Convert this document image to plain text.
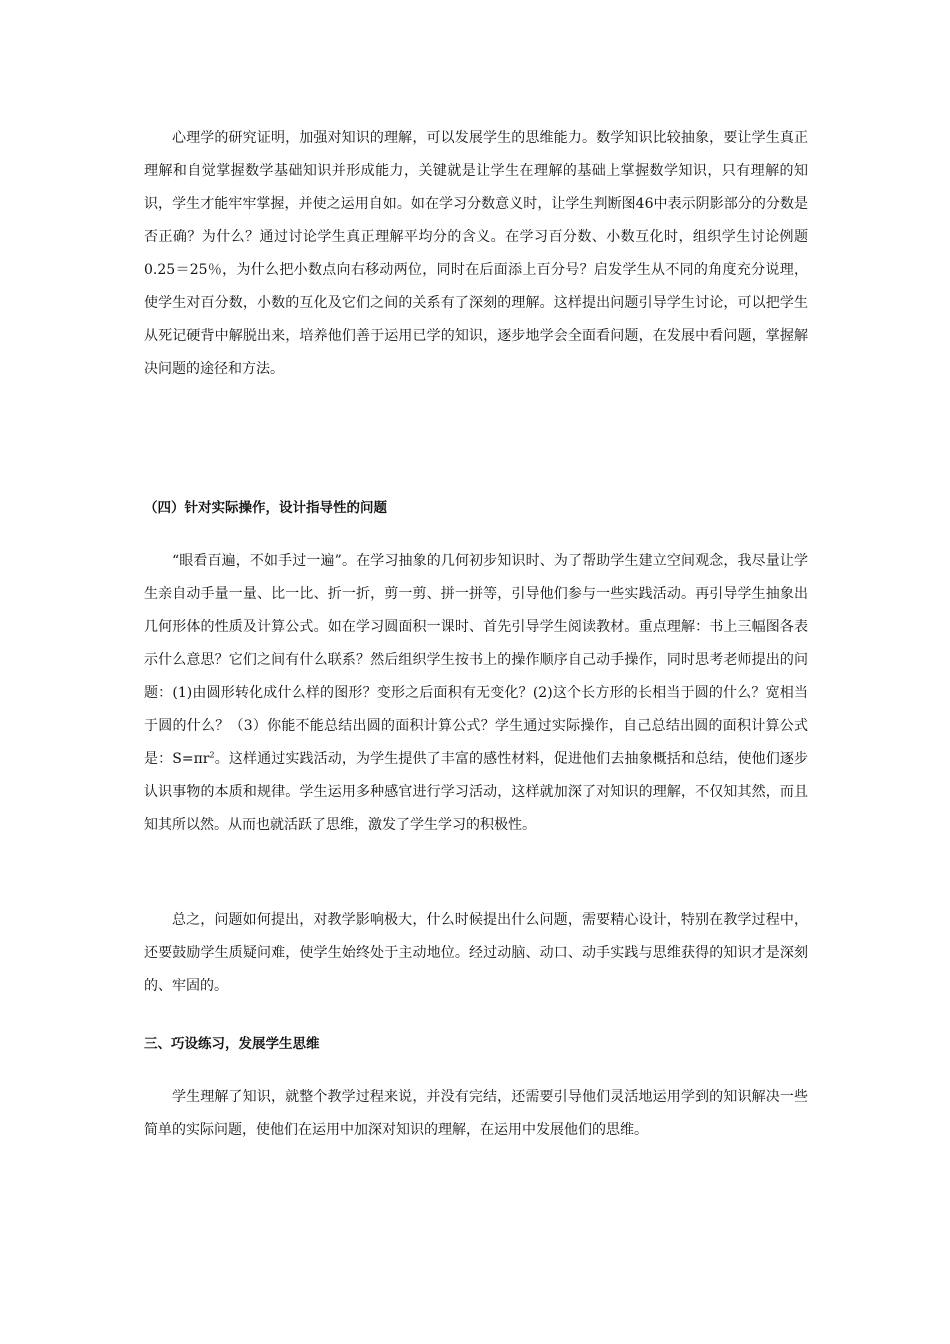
心理学的研究证明，加强对知识的理解，可以发展学生的思维能力。数学知识比较抽象，要让学生真正理解和自觉掌握数学基础知识并形成能力，关键就是让学生在理解的基础上掌握数学知识，只有理解的知识，学生才能牢牢掌握，并使之运用自如。如在学习分数意义时，让学生判断图46中表示阴影部分的分数是否正确？为什么？通过讨论学生真正理解平均分的含义。在学习百分数、小数互化时，组织学生讨论例题0.25＝25％，为什么把小数点向右移动两位，同时在后面添上百分号？启发学生从不同的角度充分说理，使学生对百分数，小数的互化及它们之间的关系有了深刻的理解。这样提出问题引导学生讨论，可以把学生从死记硬背中解脱出来，培养他们善于运用已学的知识，逐步地学会全面看问题，在发展中看问题，掌握解决问题的途径和方法。

（四）针对实际操作，设计指导性的问题

“眼看百遍，不如手过一遍”。在学习抽象的几何初步知识时、为了帮助学生建立空间观念，我尽量让学生亲自动手量一量、比一比、折一折，剪一剪、拼一拼等，引导他们参与一些实践活动。再引导学生抽象出几何形体的性质及计算公式。如在学习圆面积一课时、首先引导学生阅读教材。重点理解：书上三幅图各表示什么意思？它们之间有什么联系？然后组织学生按书上的操作顺序自己动手操作，同时思考老师提出的问题：(1)由圆形转化成什么样的图形？变形之后面积有无变化？(2)这个长方形的长相当于圆的什么？宽相当于圆的什么？（3）你能不能总结出圆的面积计算公式？学生通过实际操作，自己总结出圆的面积计算公式是：$S=\pi r^2$。这样通过实践活动，为学生提供了丰富的感性材料，促进他们去抽象概括和总结，使他们逐步认识事物的本质和规律。学生运用多种感官进行学习活动，这样就加深了对知识的理解，不仅知其然，而且知其所以然。从而也就活跃了思维，激发了学生学习的积极性。

总之，问题如何提出，对教学影响极大，什么时候提出什么问题，需要精心设计，特别在教学过程中，还要鼓励学生质疑问难，使学生始终处于主动地位。经过动脑、动口、动手实践与思维获得的知识才是深刻的、牢固的。

三、巧设练习，发展学生思维

学生理解了知识，就整个教学过程来说，并没有完结，还需要引导他们灵活地运用学到的知识解决一些简单的实际问题，使他们在运用中加深对知识的理解，在运用中发展他们的思维。
